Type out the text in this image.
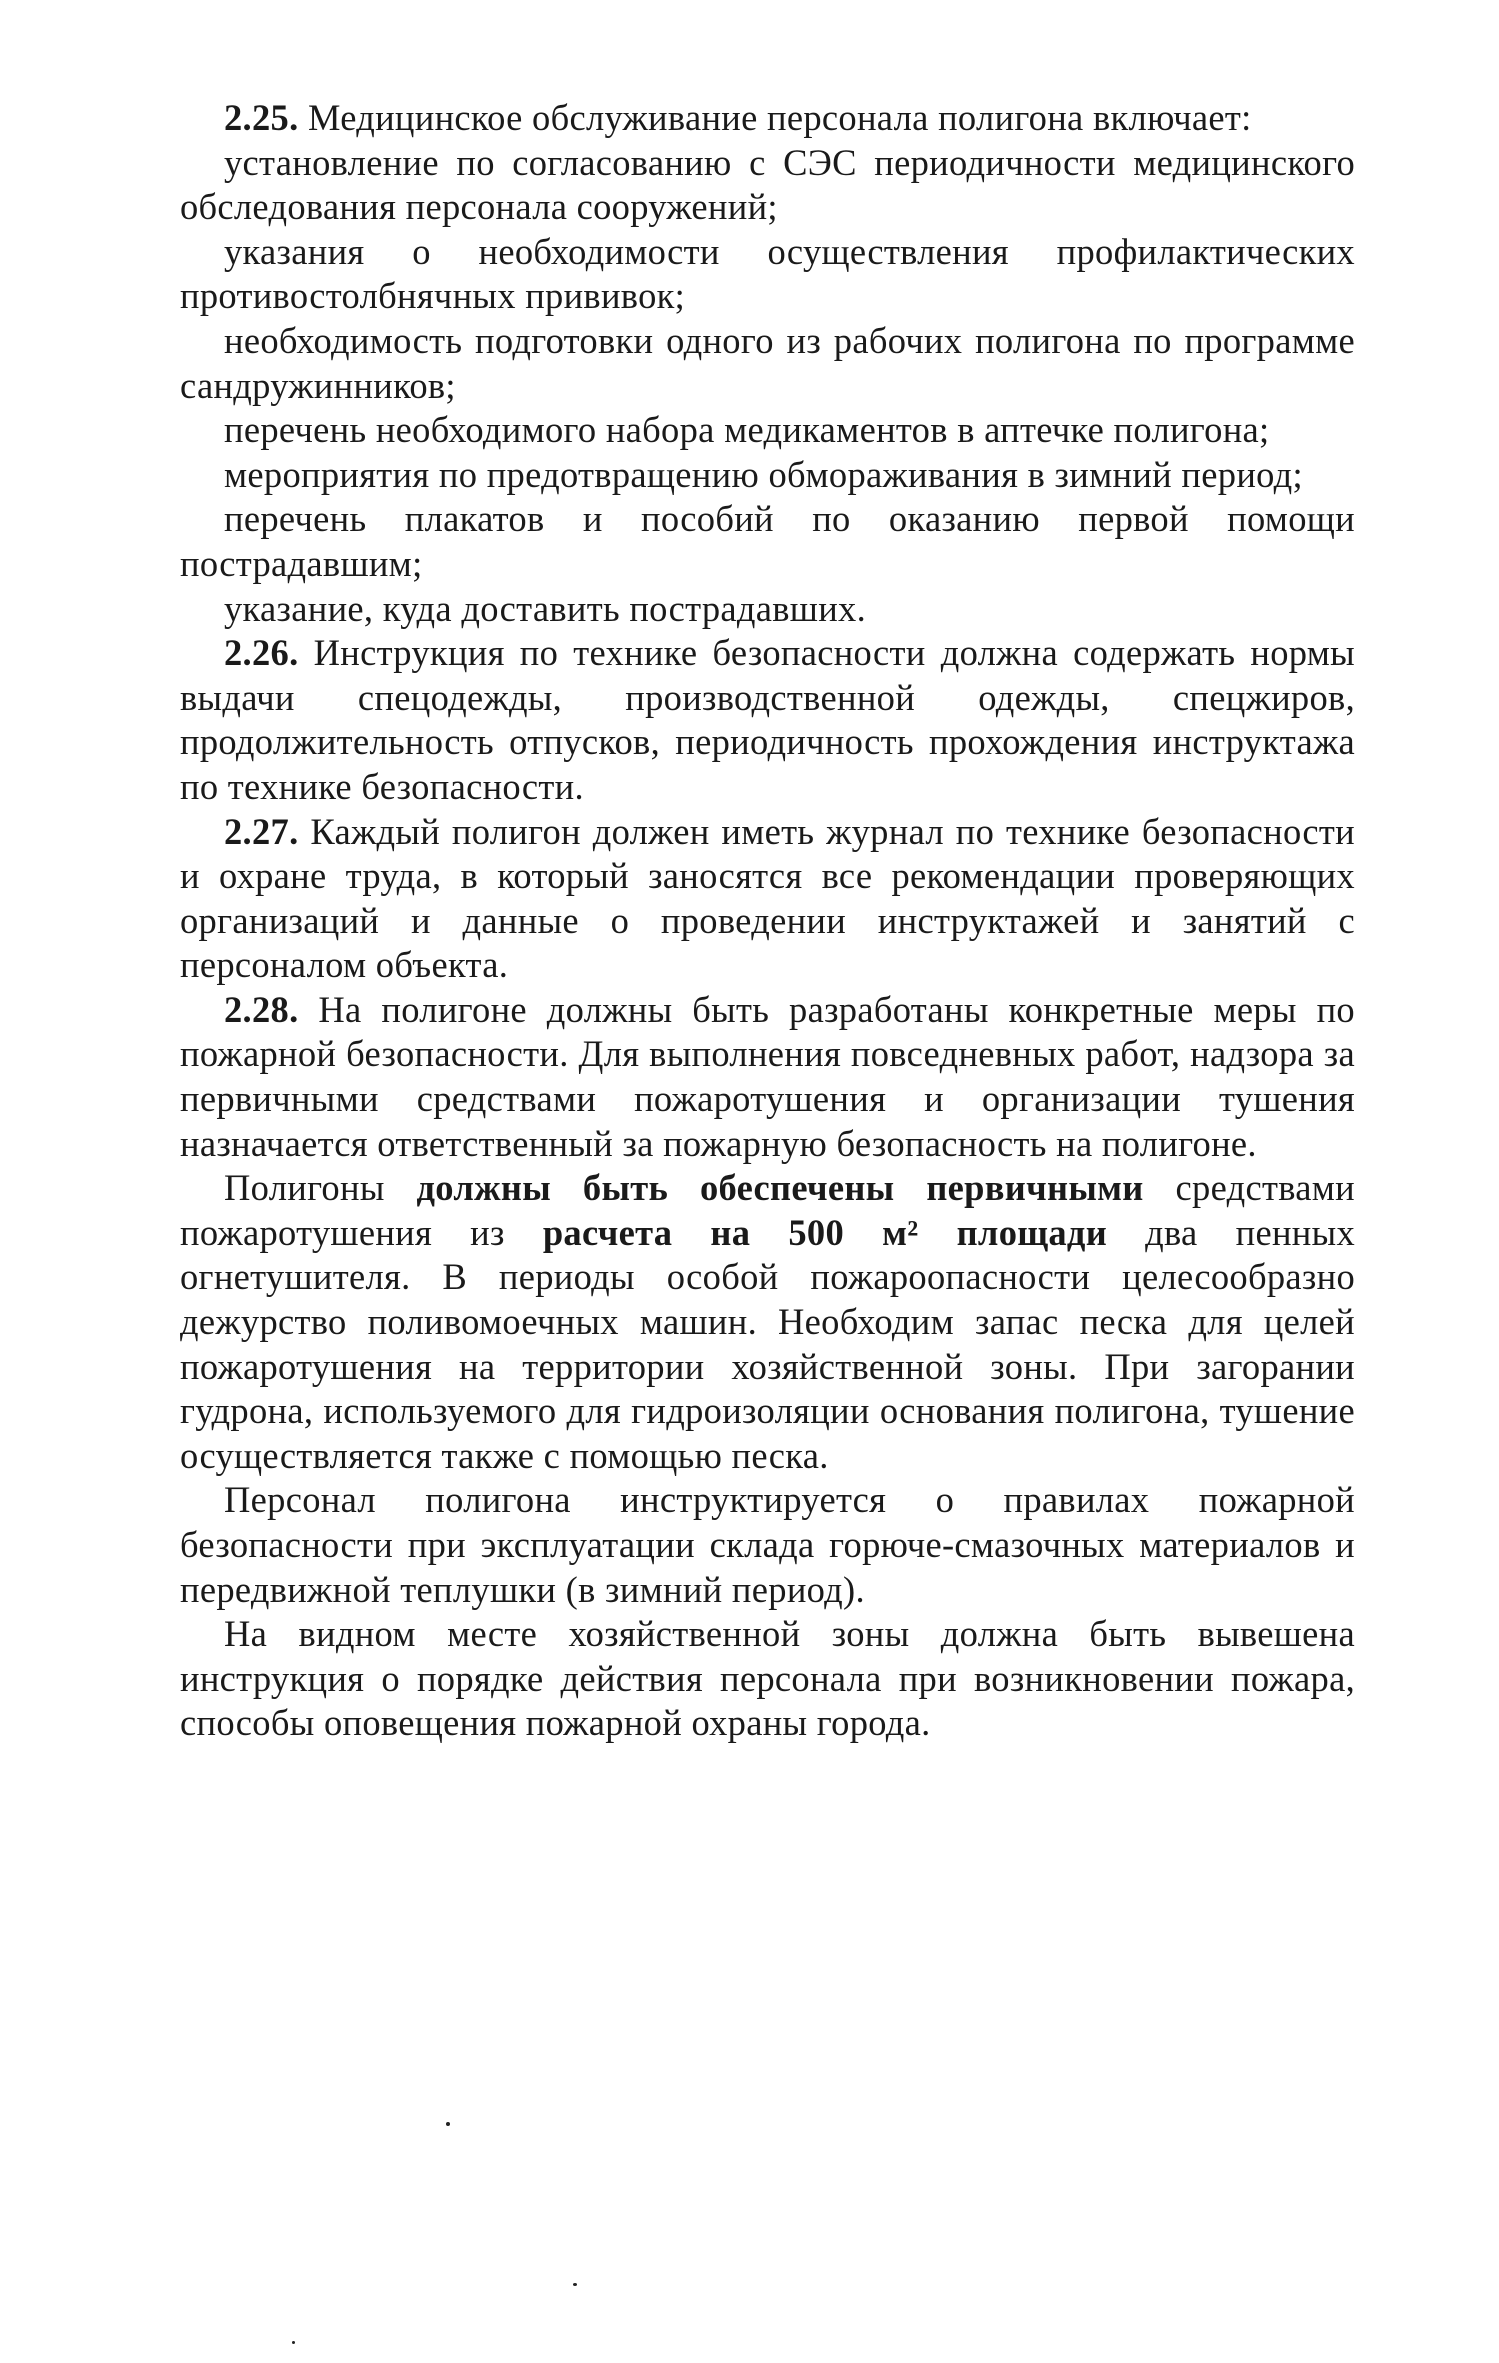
2.25. Медицинское обслуживание персонала полигона включает:

установление по согласованию с СЭС периодичности медицинского обследования персонала сооружений;

указания о необходимости осуществления профилактических противостолбнячных прививок;

необходимость подготовки одного из рабочих полигона по программе сандружинников;

перечень необходимого набора медикаментов в аптечке полигона;

мероприятия по предотвращению обмораживания в зимний период;

перечень плакатов и пособий по оказанию первой помощи пострадавшим;

указание, куда доставить пострадавших.

2.26. Инструкция по технике безопасности должна содержать нормы выдачи спецодежды, производственной одежды, спецжиров, продолжительность отпусков, периодичность прохождения инструктажа по технике безопасности.

2.27. Каждый полигон должен иметь журнал по технике безопасности и охране труда, в который заносятся все рекомендации проверяющих организаций и данные о проведении инструктажей и занятий с персоналом объекта.

2.28. На полигоне должны быть разработаны конкретные меры по пожарной безопасности. Для выполнения повседневных работ, надзора за первичными средствами пожаротушения и организации тушения назначается ответственный за пожарную безопасность на полигоне.

Полигоны должны быть обеспечены первичными средствами пожаротушения из расчета на 500 м² площади два пенных огнетушителя. В периоды особой пожароопасности целесообразно дежурство поливомоечных машин. Необходим запас песка для целей пожаротушения на территории хозяйственной зоны. При загорании гудрона, используемого для гидроизоляции основания полигона, тушение осуществляется также с помощью песка.

Персонал полигона инструктируется о правилах пожарной безопасности при эксплуатации склада горюче-смазочных материалов и передвижной теплушки (в зимний период).

На видном месте хозяйственной зоны должна быть вывешена инструкция о порядке действия персонала при возникновении пожара, способы оповещения пожарной охраны города.
